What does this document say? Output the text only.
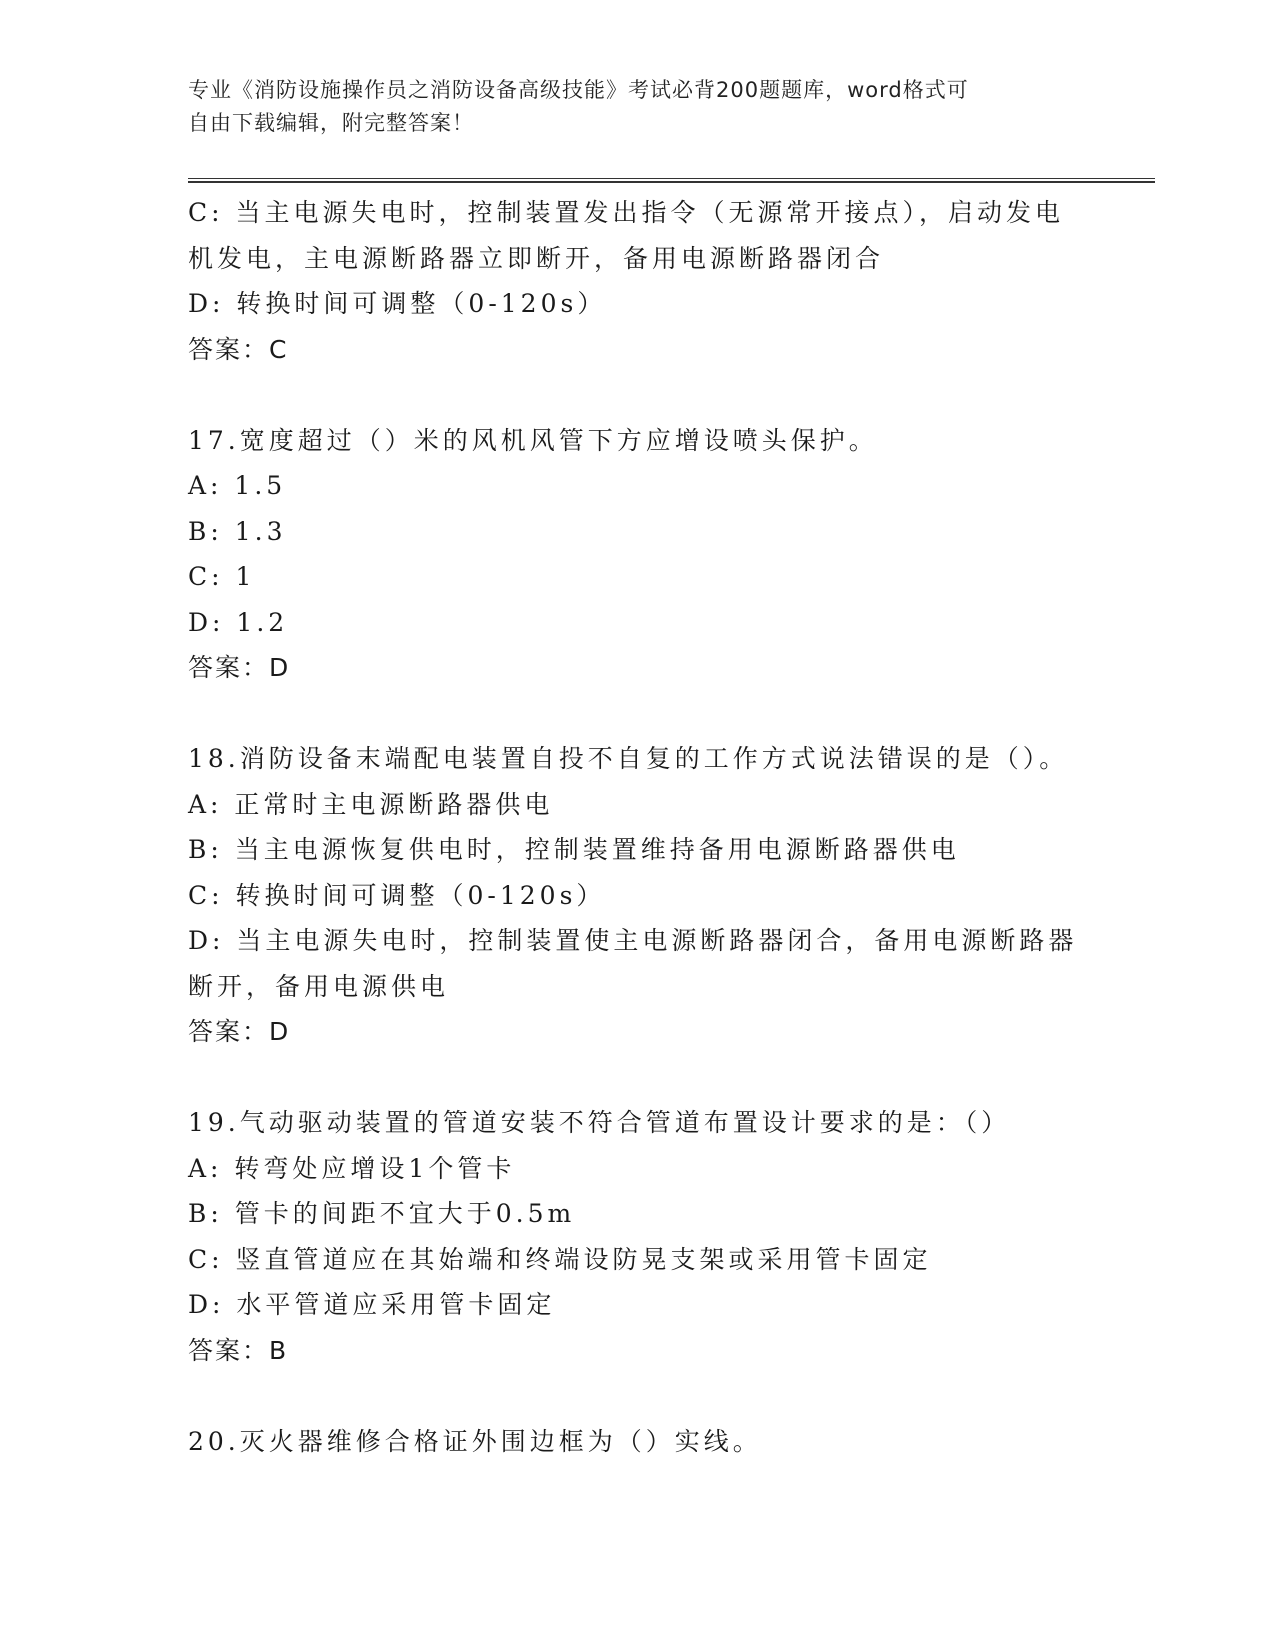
专业《消防设施操作员之消防设备高级技能》考试必背200题题库，word格式可
自由下载编辑，附完整答案！
C: 当主电源失电时，控制装置发出指令（无源常开接点），启动发电
机发电，主电源断路器立即断开，备用电源断路器闭合
D: 转换时间可调整（0-120s）
答案：C
17.宽度超过（）米的风机风管下方应增设喷头保护。
A: 1.5
B: 1.3
C: 1
D: 1.2
答案：D
18.消防设备末端配电装置自投不自复的工作方式说法错误的是（）。
A: 正常时主电源断路器供电
B: 当主电源恢复供电时，控制装置维持备用电源断路器供电
C: 转换时间可调整（0-120s）
D: 当主电源失电时，控制装置使主电源断路器闭合，备用电源断路器
断开，备用电源供电
答案：D
19.气动驱动装置的管道安装不符合管道布置设计要求的是：（）
A: 转弯处应增设1个管卡
B: 管卡的间距不宜大于0.5m
C: 竖直管道应在其始端和终端设防晃支架或采用管卡固定
D: 水平管道应采用管卡固定
答案：B
20.灭火器维修合格证外围边框为（）实线。
